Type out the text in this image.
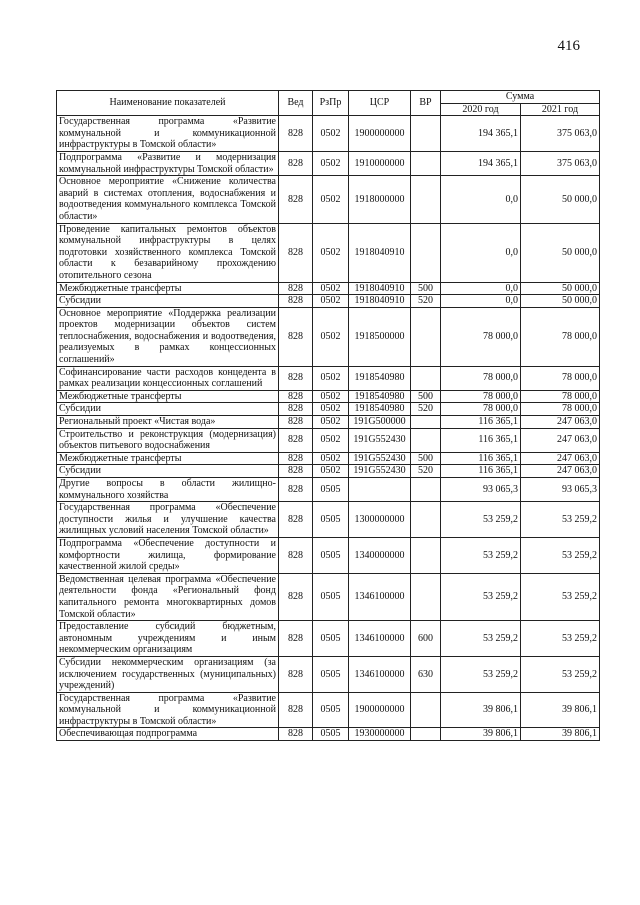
416
Наименование показателей	Вед	РзПр	ЦСР	ВР	Сумма	
					2020 год	2021 год
Государственная программа «Развитие коммунальной и коммуникационной инфраструктуры в Томской области»	828	0502	1900000000		194 365,1	375 063,0
Подпрограмма «Развитие и модернизация коммунальной инфраструктуры Томской области»	828	0502	1910000000		194 365,1	375 063,0
Основное мероприятие «Снижение количества аварий в системах отопления, водоснабжения и водоотведения коммунального комплекса Томской области»	828	0502	1918000000		0,0	50 000,0
Проведение капитальных ремонтов объектов коммунальной инфраструктуры в целях подготовки хозяйственного комплекса Томской области к безаварийному прохождению отопительного сезона	828	0502	1918040910		0,0	50 000,0
Межбюджетные трансферты	828	0502	1918040910	500	0,0	50 000,0
Субсидии	828	0502	1918040910	520	0,0	50 000,0
Основное мероприятие «Поддержка реализации проектов модернизации объектов систем теплоснабжения, водоснабжения и водоотведения, реализуемых в рамках концессионных соглашений»	828	0502	1918500000		78 000,0	78 000,0
Софинансирование части расходов концедента в рамках реализации концессионных соглашений	828	0502	1918540980		78 000,0	78 000,0
Межбюджетные трансферты	828	0502	1918540980	500	78 000,0	78 000,0
Субсидии	828	0502	1918540980	520	78 000,0	78 000,0
Региональный проект «Чистая вода»	828	0502	191G500000		116 365,1	247 063,0
Строительство и реконструкция (модернизация) объектов питьевого водоснабжения	828	0502	191G552430		116 365,1	247 063,0
Межбюджетные трансферты	828	0502	191G552430	500	116 365,1	247 063,0
Субсидии	828	0502	191G552430	520	116 365,1	247 063,0
Другие вопросы в области жилищно-коммунального хозяйства	828	0505			93 065,3	93 065,3
Государственная программа «Обеспечение доступности жилья и улучшение качества жилищных условий населения Томской области»	828	0505	1300000000		53 259,2	53 259,2
Подпрограмма «Обеспечение доступности и комфортности жилища, формирование качественной жилой среды»	828	0505	1340000000		53 259,2	53 259,2
Ведомственная целевая программа «Обеспечение деятельности фонда «Региональный фонд капитального ремонта многоквартирных домов Томской области»	828	0505	1346100000		53 259,2	53 259,2
Предоставление субсидий бюджетным, автономным учреждениям и иным некоммерческим организациям	828	0505	1346100000	600	53 259,2	53 259,2
Субсидии некоммерческим организациям (за исключением государственных (муниципальных) учреждений)	828	0505	1346100000	630	53 259,2	53 259,2
Государственная программа «Развитие коммунальной и коммуникационной инфраструктуры в Томской области»	828	0505	1900000000		39 806,1	39 806,1
Обеспечивающая подпрограмма	828	0505	1930000000		39 806,1	39 806,1
